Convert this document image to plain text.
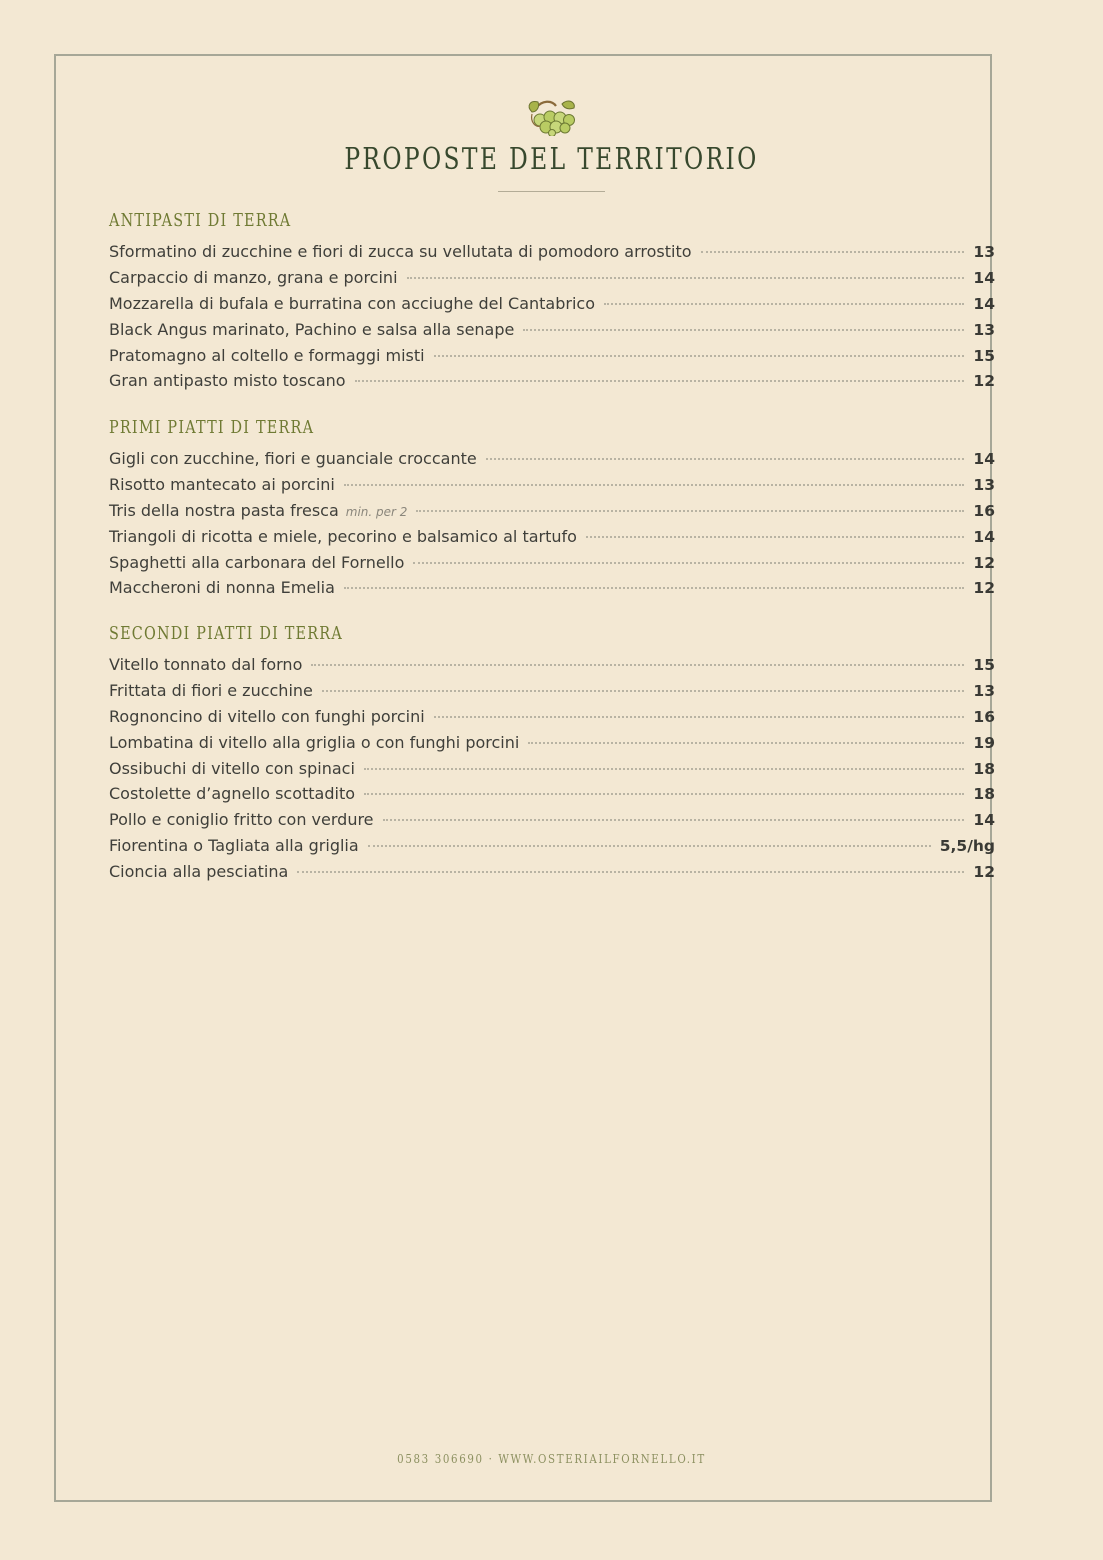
PROPOSTE DEL TERRITORIO
ANTIPASTI DI TERRA
Sformatino di zucchine e fiori di zucca su vellutata di pomodoro arrostito	13
Carpaccio di manzo, grana e porcini	14
Mozzarella di bufala e burratina con acciughe del Cantabrico	14
Black Angus marinato, Pachino e salsa alla senape	13
Pratomagno al coltello e formaggi misti	15
Gran antipasto misto toscano	12
PRIMI PIATTI DI TERRA
Gigli con zucchine, fiori e guanciale croccante	14
Risotto mantecato ai porcini	13
Tris della nostra pasta fresca min. per 2	16
Triangoli di ricotta e miele, pecorino e balsamico al tartufo	14
Spaghetti alla carbonara del Fornello	12
Maccheroni di nonna Emelia	12
SECONDI PIATTI DI TERRA
Vitello tonnato dal forno	15
Frittata di fiori e zucchine	13
Rognoncino di vitello con funghi porcini	16
Lombatina di vitello alla griglia o con funghi porcini	19
Ossibuchi di vitello con spinaci	18
Costolette d’agnello scottadito	18
Pollo e coniglio fritto con verdure	14
Fiorentina o Tagliata alla griglia	5,5/hg
Cioncia alla pesciatina	12
0583 306690 · WWW.OSTERIAILFORNELLO.IT
